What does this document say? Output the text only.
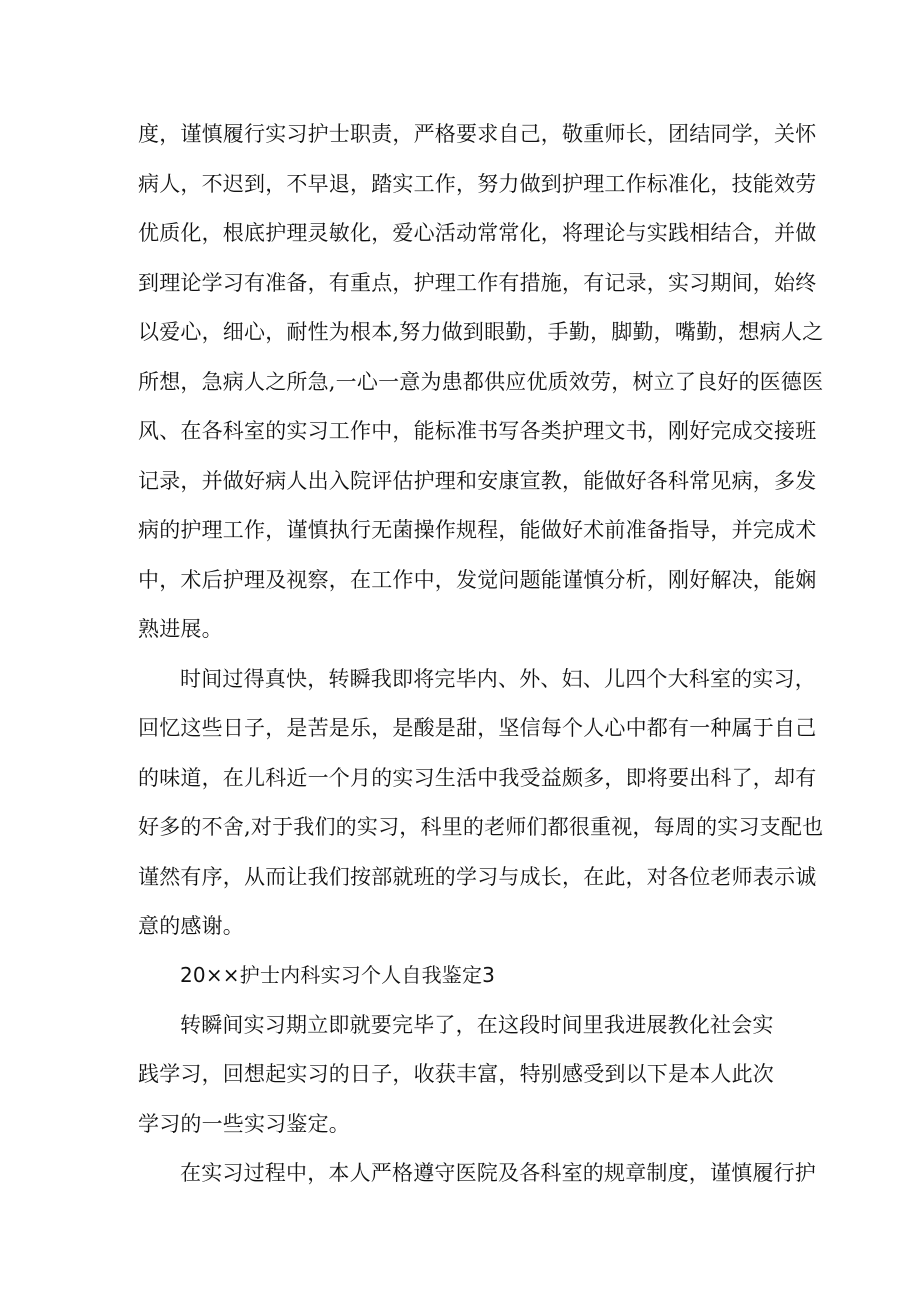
度，谨慎履行实习护士职责，严格要求自己，敬重师长，团结同学，关怀
病人，不迟到，不早退，踏实工作，努力做到护理工作标准化，技能效劳
优质化，根底护理灵敏化，爱心活动常常化，将理论与实践相结合，并做
到理论学习有准备，有重点，护理工作有措施，有记录，实习期间，始终
以爱心，细心，耐性为根本,努力做到眼勤，手勤，脚勤，嘴勤，想病人之
所想，急病人之所急,一心一意为患都供应优质效劳，树立了良好的医德医
风、在各科室的实习工作中，能标准书写各类护理文书，刚好完成交接班
记录，并做好病人出入院评估护理和安康宣教，能做好各科常见病，多发
病的护理工作，谨慎执行无菌操作规程，能做好术前准备指导，并完成术
中，术后护理及视察，在工作中，发觉问题能谨慎分析，刚好解决，能娴
熟进展。
时间过得真快，转瞬我即将完毕内、外、妇、儿四个大科室的实习，
回忆这些日子，是苦是乐，是酸是甜，坚信每个人心中都有一种属于自己
的味道，在儿科近一个月的实习生活中我受益颇多，即将要出科了，却有
好多的不舍,对于我们的实习，科里的老师们都很重视，每周的实习支配也
谨然有序，从而让我们按部就班的学习与成长，在此，对各位老师表示诚
意的感谢。
20××护士内科实习个人自我鉴定3
转瞬间实习期立即就要完毕了，在这段时间里我进展教化社会实
践学习，回想起实习的日子，收获丰富，特别感受到以下是本人此次
学习的一些实习鉴定。
在实习过程中，本人严格遵守医院及各科室的规章制度，谨慎履行护
